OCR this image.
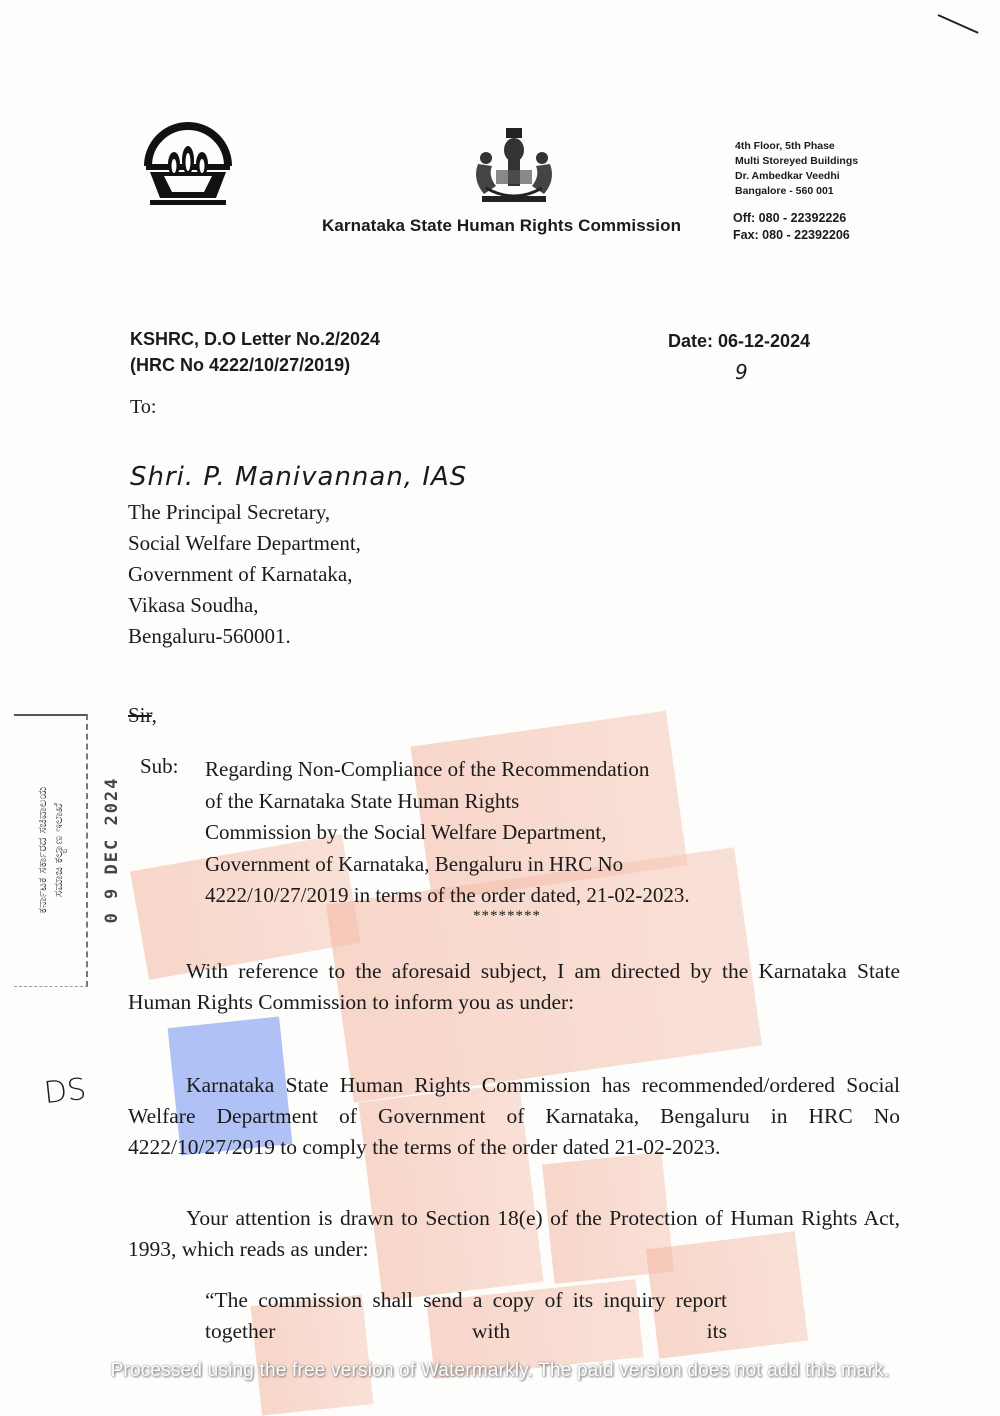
Karnataka State Human Rights Commission
4th Floor, 5th Phase
Multi Storeyed Buildings
Dr. Ambedkar Veedhi
Bangalore - 560 001
Off: 080 - 22392226
Fax: 080 - 22392206
KSHRC, D.O Letter No.2/2024
(HRC No 4222/10/27/2019)
Date: 06-12-2024
9
To:
Shri. P. Manivannan, IAS
The Principal Secretary,
Social Welfare Department,
Government of Karnataka,
Vikasa Soudha,
Bengaluru-560001.
Sir,
ಕರ್ನಾಟಕ ಸರ್ಕಾರದ ಸಚಿವಾಲಯ ಸಮಾಜ ಕಲ್ಯಾಣ ಇಲಾಖೆ 0 9 DEC 2024
Sub: Regarding Non-Compliance of the Recommendation
of the Karnataka State Human Rights
Commission by the Social Welfare Department,
Government of Karnataka, Bengaluru in HRC No
4222/10/27/2019 in terms of the order dated, 21-02-2023.
********
With reference to the aforesaid subject, I am directed by the Karnataka State Human Rights Commission to inform you as under:
DS	Karnataka State Human Rights Commission has recommended/ordered Social Welfare Department of Government of Karnataka, Bengaluru in HRC No 4222/10/27/2019 to comply the terms of the order dated 21-02-2023.
Your attention is drawn to Section 18(e) of the Protection of Human Rights Act, 1993, which reads as under:
“The commission shall send a copy of its inquiry report together with its
Processed using the free version of Watermarkly. The paid version does not add this mark.
